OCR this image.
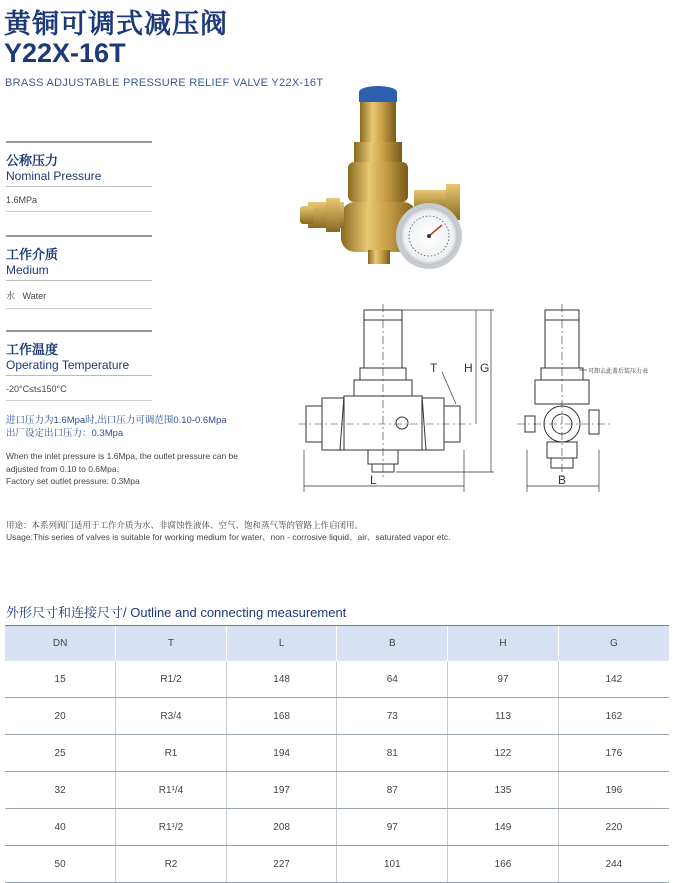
黄铜可调式减压阀
Y22X-16T
BRASS ADJUSTABLE PRESSURE RELIEF VALVE Y22X-16T
公称压力
Nominal Pressure
1.6MPa
工作介质
Medium
水   Water
工作温度
Operating Temperature
-20°C≤t≤150°C
进口压力为1.6Mpa时,出口压力可调范围0.10-0.6Mpa
出厂设定出口压力：0.3Mpa
When the inlet pressure is 1.6Mpa, the outlet pressure can be
adjusted from 0.10 to 0.6Mpa.
Factory set outlet pressure: 0.3Mpa	L
T H G
B
可卸去此盖后装压力表
用途：本系列阀门适用于工作介质为水、非腐蚀性液体、空气、饱和蒸气等的管路上作启闭用。
Usage:This series of valves is suitable for working medium for water、non - corrosive liquid、air、saturated vapor etc.
外形尺寸和连接尺寸/ Outline and connecting measurement
DN	T	L	B	H	G
15	R1/2	148	64	97	142
20	R3/4	168	73	113	162
25	R1	194	81	122	176
32	R1¹/4	197	87	135	196
40	R1¹/2	208	97	149	220
50	R2	227	101	166	244
